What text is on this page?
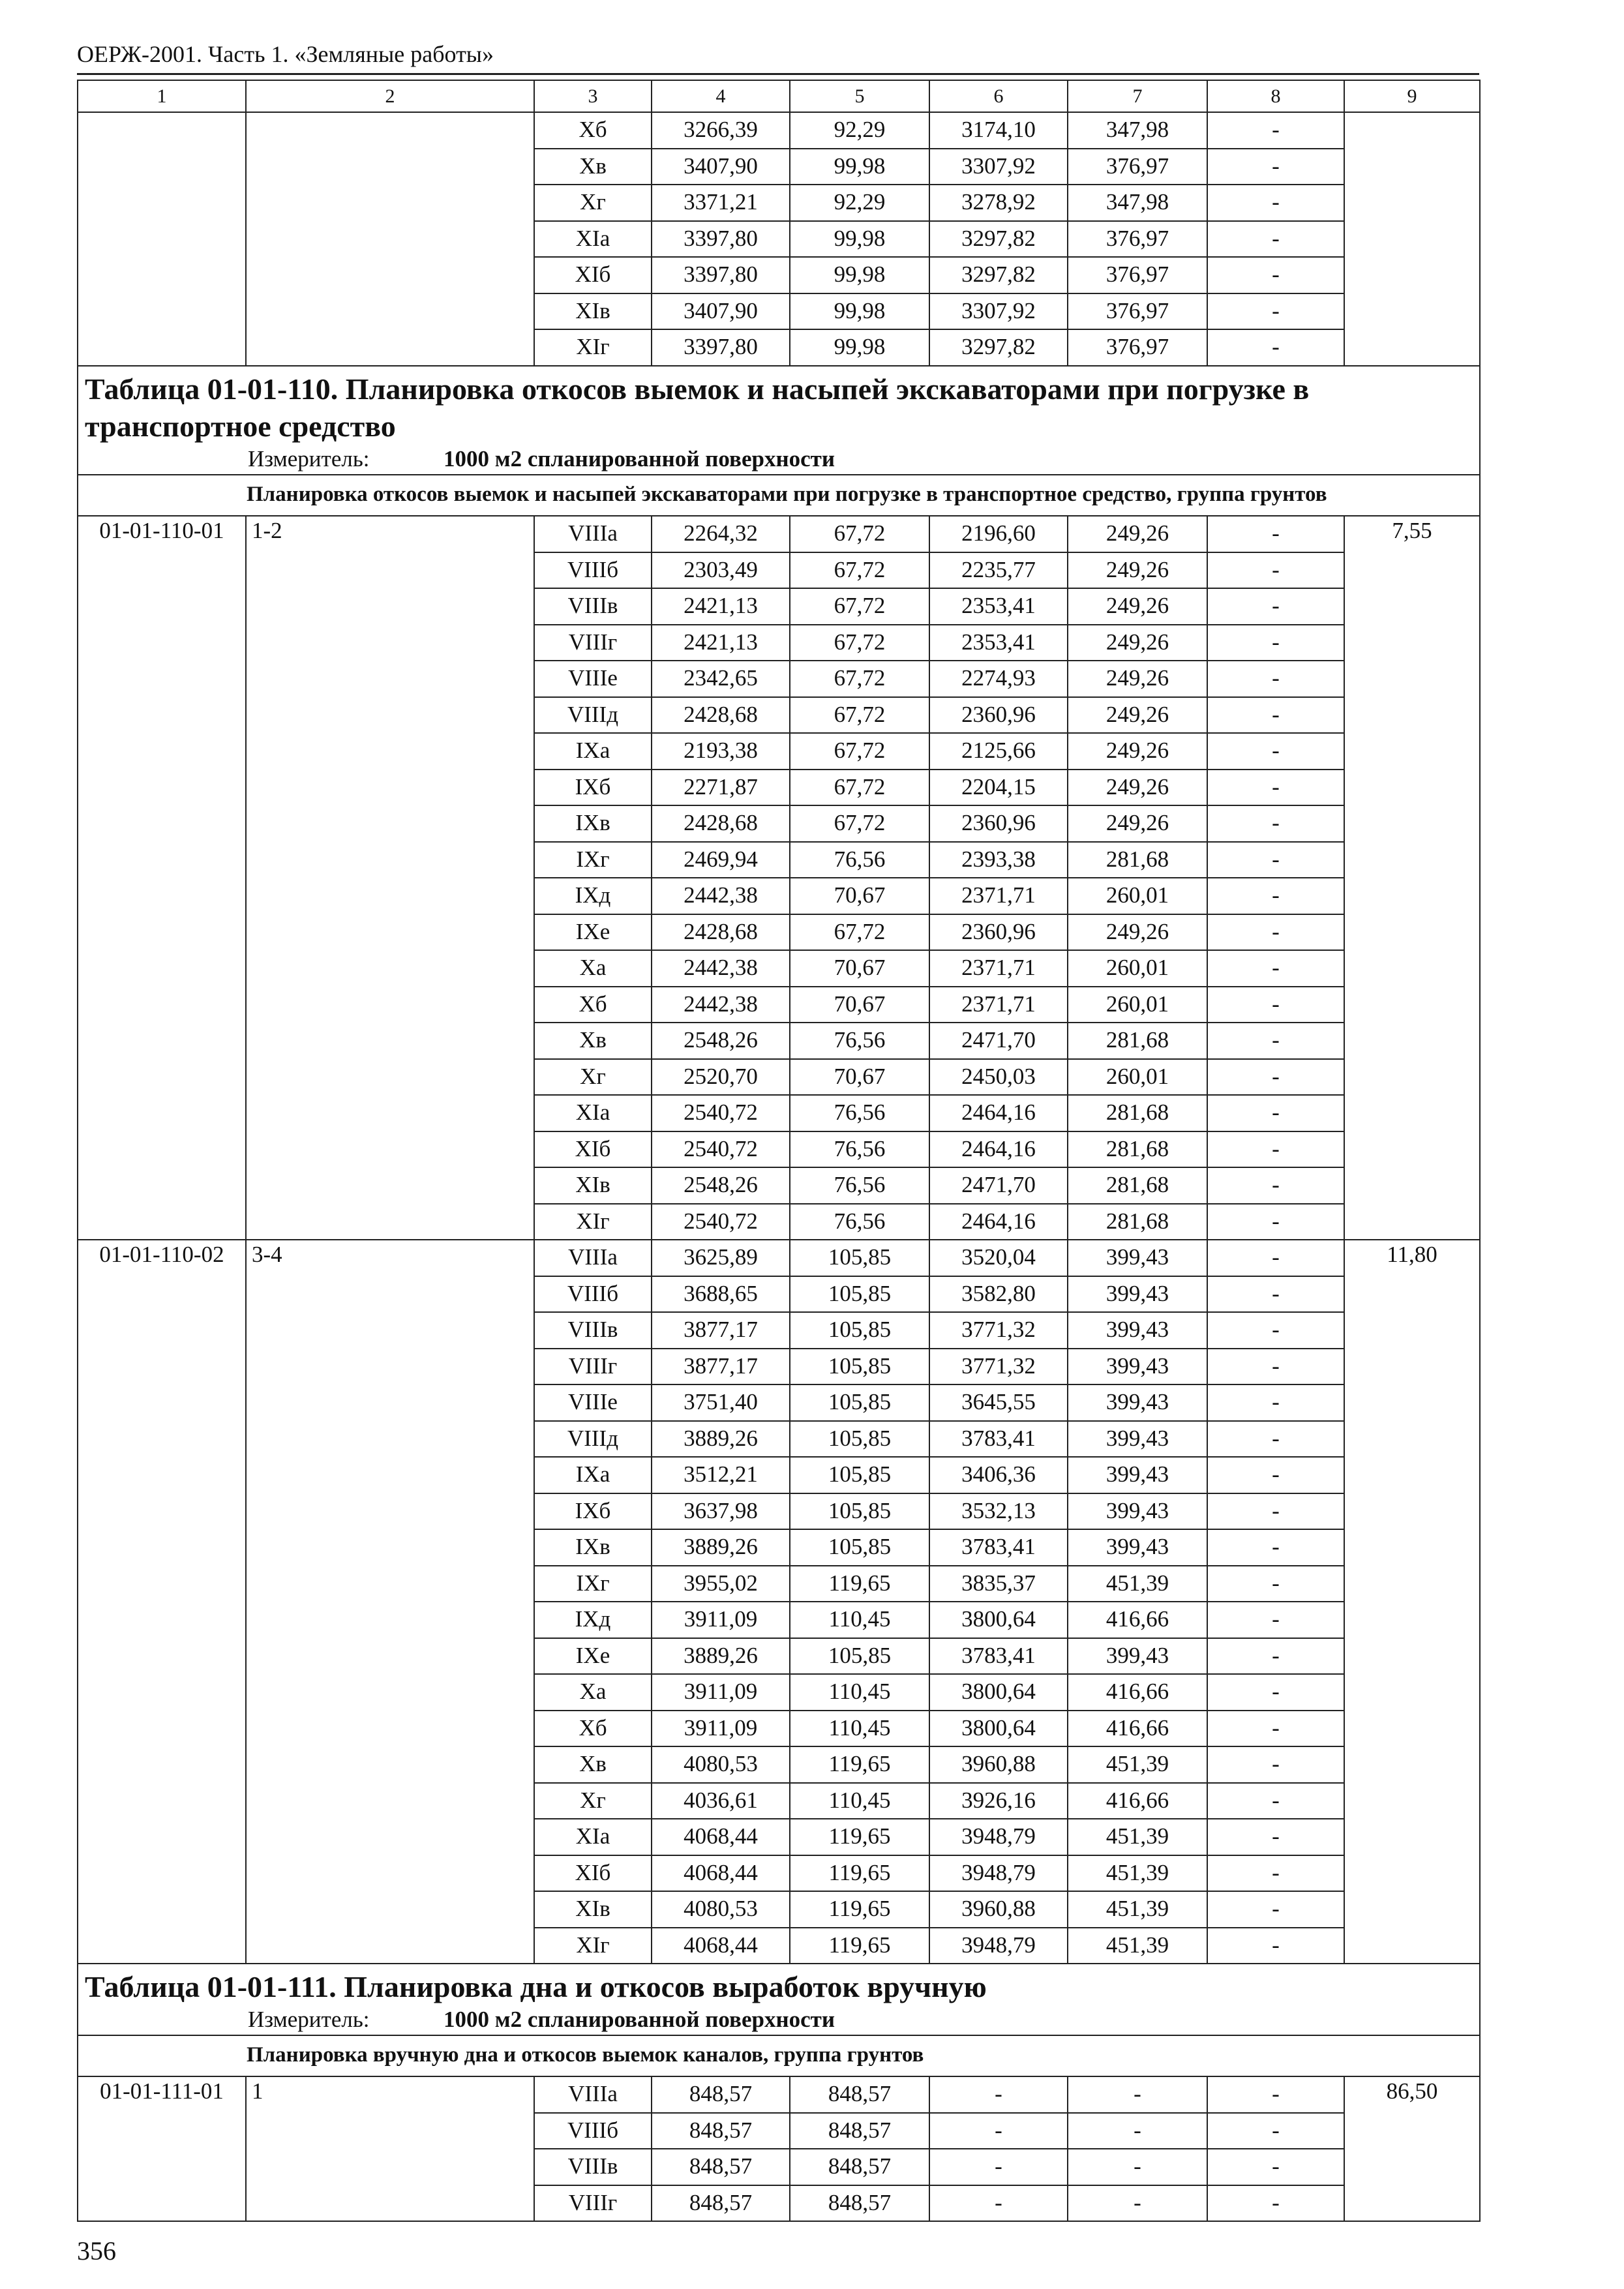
ОЕРЖ-2001. Часть 1. «Земляные работы»
1	2	3	4	5	6	7	8	9
		Хб	3266,39	92,29	3174,10	347,98	-	
		Хв	3407,90	99,98	3307,92	376,97	-	
		Хг	3371,21	92,29	3278,92	347,98	-	
		XIа	3397,80	99,98	3297,82	376,97	-	
		XIб	3397,80	99,98	3297,82	376,97	-	
		XIв	3407,90	99,98	3307,92	376,97	-	
		XIг	3397,80	99,98	3297,82	376,97	-	

Таблица 01-01-110. Планировка откосов выемок и насыпей экскаваторами при погрузке в транспортное средство
Измеритель: 1000 м2 спланированной поверхности								

Планировка откосов выемок и насыпей экскаваторами при погрузке в транспортное средство, группа грунтов								
01-01-110-01	1-2	VIIIа	2264,32	67,72	2196,60	249,26	-	7,55
		VIIIб	2303,49	67,72	2235,77	249,26	-	
		VIIIв	2421,13	67,72	2353,41	249,26	-	
		VIIIг	2421,13	67,72	2353,41	249,26	-	
		VIIIе	2342,65	67,72	2274,93	249,26	-	
		VIIIд	2428,68	67,72	2360,96	249,26	-	
		IXа	2193,38	67,72	2125,66	249,26	-	
		IXб	2271,87	67,72	2204,15	249,26	-	
		IXв	2428,68	67,72	2360,96	249,26	-	
		IXг	2469,94	76,56	2393,38	281,68	-	
		IXд	2442,38	70,67	2371,71	260,01	-	
		IXе	2428,68	67,72	2360,96	249,26	-	
		Ха	2442,38	70,67	2371,71	260,01	-	
		Хб	2442,38	70,67	2371,71	260,01	-	
		Хв	2548,26	76,56	2471,70	281,68	-	
		Хг	2520,70	70,67	2450,03	260,01	-	
		XIа	2540,72	76,56	2464,16	281,68	-	
		XIб	2540,72	76,56	2464,16	281,68	-	
		XIв	2548,26	76,56	2471,70	281,68	-	
		XIг	2540,72	76,56	2464,16	281,68	-	
01-01-110-02	3-4	VIIIа	3625,89	105,85	3520,04	399,43	-	11,80
		VIIIб	3688,65	105,85	3582,80	399,43	-	
		VIIIв	3877,17	105,85	3771,32	399,43	-	
		VIIIг	3877,17	105,85	3771,32	399,43	-	
		VIIIе	3751,40	105,85	3645,55	399,43	-	
		VIIIд	3889,26	105,85	3783,41	399,43	-	
		IXа	3512,21	105,85	3406,36	399,43	-	
		IXб	3637,98	105,85	3532,13	399,43	-	
		IXв	3889,26	105,85	3783,41	399,43	-	
		IXг	3955,02	119,65	3835,37	451,39	-	
		IXд	3911,09	110,45	3800,64	416,66	-	
		IXе	3889,26	105,85	3783,41	399,43	-	
		Ха	3911,09	110,45	3800,64	416,66	-	
		Хб	3911,09	110,45	3800,64	416,66	-	
		Хв	4080,53	119,65	3960,88	451,39	-	
		Хг	4036,61	110,45	3926,16	416,66	-	
		XIа	4068,44	119,65	3948,79	451,39	-	
		XIб	4068,44	119,65	3948,79	451,39	-	
		XIв	4080,53	119,65	3960,88	451,39	-	
		XIг	4068,44	119,65	3948,79	451,39	-	

Таблица 01-01-111. Планировка дна и откосов выработок вручную
Измеритель: 1000 м2 спланированной поверхности								

Планировка вручную дна и откосов выемок каналов, группа грунтов								
01-01-111-01	1	VIIIа	848,57	848,57	-	-	-	86,50
		VIIIб	848,57	848,57	-	-	-	
		VIIIв	848,57	848,57	-	-	-	
		VIIIг	848,57	848,57	-	-	-	
356
